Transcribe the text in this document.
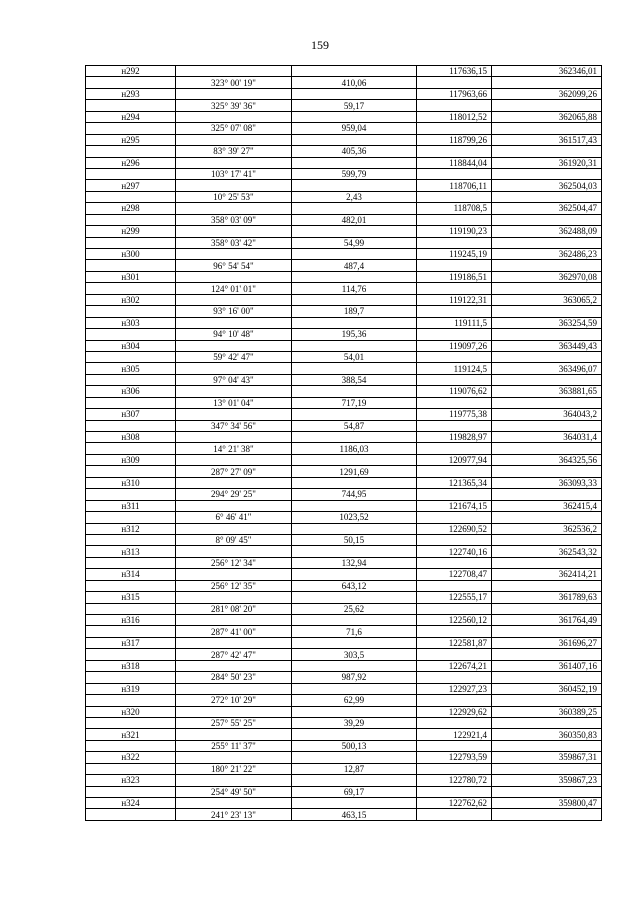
159
н292			117636,15	362346,01
	323° 00' 19"	410,06		
н293			117963,66	362099,26
	325° 39' 36"	59,17		
н294			118012,52	362065,88
	325° 07' 08"	959,04		
н295			118799,26	361517,43
	83° 39' 27"	405,36		
н296			118844,04	361920,31
	103° 17' 41"	599,79		
н297			118706,11	362504,03
	10° 25' 53"	2,43		
н298			118708,5	362504,47
	358° 03' 09"	482,01		
н299			119190,23	362488,09
	358° 03' 42"	54,99		
н300			119245,19	362486,23
	96° 54' 54"	487,4		
н301			119186,51	362970,08
	124° 01' 01"	114,76		
н302			119122,31	363065,2
	93° 16' 00"	189,7		
н303			119111,5	363254,59
	94° 10' 48"	195,36		
н304			119097,26	363449,43
	59° 42' 47"	54,01		
н305			119124,5	363496,07
	97° 04' 43"	388,54		
н306			119076,62	363881,65
	13° 01' 04"	717,19		
н307			119775,38	364043,2
	347° 34' 56"	54,87		
н308			119828,97	364031,4
	14° 21' 38"	1186,03		
н309			120977,94	364325,56
	287° 27' 09"	1291,69		
н310			121365,34	363093,33
	294° 29' 25"	744,95		
н311			121674,15	362415,4
	6° 46' 41"	1023,52		
н312			122690,52	362536,2
	8° 09' 45"	50,15		
н313			122740,16	362543,32
	256° 12' 34"	132,94		
н314			122708,47	362414,21
	256° 12' 35"	643,12		
н315			122555,17	361789,63
	281° 08' 20"	25,62		
н316			122560,12	361764,49
	287° 41' 00"	71,6		
н317			122581,87	361696,27
	287° 42' 47"	303,5		
н318			122674,21	361407,16
	284° 50' 23"	987,92		
н319			122927,23	360452,19
	272° 10' 29"	62,99		
н320			122929,62	360389,25
	257° 55' 25"	39,29		
н321			122921,4	360350,83
	255° 11' 37"	500,13		
н322			122793,59	359867,31
	180° 21' 22"	12,87		
н323			122780,72	359867,23
	254° 49' 50"	69,17		
н324			122762,62	359800,47
	241° 23' 13"	463,15		
